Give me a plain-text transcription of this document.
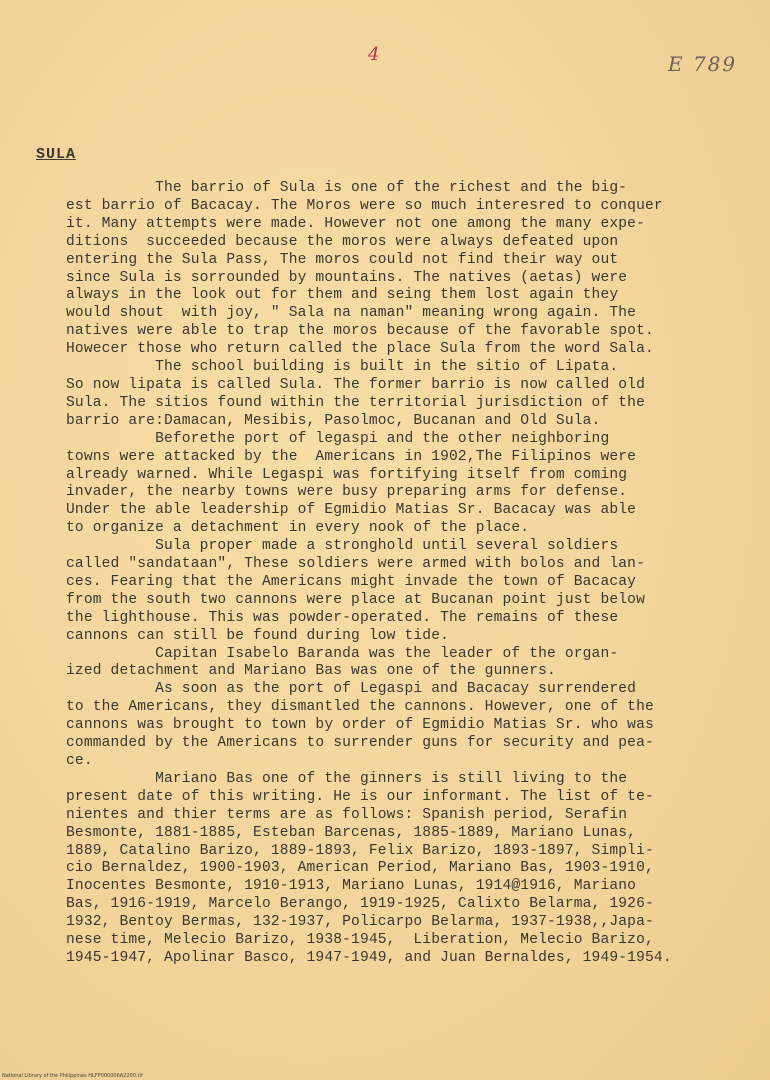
4	E 789
SULA
The barrio of Sula is one of the richest and the big-
est barrio of Bacacay. The Moros were so much interesred to conquer
it. Many attempts were made. However not one among the many expe-
ditions  succeeded because the moros were always defeated upon
entering the Sula Pass, The moros could not find their way out
since Sula is sorrounded by mountains. The natives (aetas) were
always in the look out for them and seing them lost again they
would shout  with joy, " Sala na naman" meaning wrong again. The
natives were able to trap the moros because of the favorable spot.
Howecer those who return called the place Sula from the word Sala.
The school building is built in the sitio of Lipata.
So now lipata is called Sula. The former barrio is now called old
Sula. The sitios found within the territorial jurisdiction of the
barrio are:Damacan, Mesibis, Pasolmoc, Bucanan and Old Sula.
Beforethe port of legaspi and the other neighboring
towns were attacked by the  Americans in 1902,The Filipinos were
already warned. While Legaspi was fortifying itself from coming
invader, the nearby towns were busy preparing arms for defense.
Under the able leadership of Egmidio Matias Sr. Bacacay was able
to organize a detachment in every nook of the place.
Sula proper made a stronghold until several soldiers
called "sandataan", These soldiers were armed with bolos and lan-
ces. Fearing that the Americans might invade the town of Bacacay
from the south two cannons were place at Bucanan point just below
the lighthouse. This was powder-operated. The remains of these
cannons can still be found during low tide.
Capitan Isabelo Baranda was the leader of the organ-
ized detachment and Mariano Bas was one of the gunners.
As soon as the port of Legaspi and Bacacay surrendered
to the Americans, they dismantled the cannons. However, one of the
cannons was brought to town by order of Egmidio Matias Sr. who was
commanded by the Americans to surrender guns for security and pea-
ce.
Mariano Bas one of the ginners is still living to the
present date of this writing. He is our informant. The list of te-
nientes and thier terms are as follows: Spanish period, Serafin
Besmonte, 1881-1885, Esteban Barcenas, 1885-1889, Mariano Lunas,
1889, Catalino Barizo, 1889-1893, Felix Barizo, 1893-1897, Simpli-
cio Bernaldez, 1900-1903, American Period, Mariano Bas, 1903-1910,
Inocentes Besmonte, 1910-1913, Mariano Lunas, 1914@1916, Mariano
Bas, 1916-1919, Marcelo Berango, 1919-1925, Calixto Belarma, 1926-
1932, Bentoy Bermas, 132-1937, Policarpo Belarma, 1937-1938,,Japa-
nese time, Melecio Barizo, 1938-1945,  Liberation, Melecio Barizo,
1945-1947, Apolinar Basco, 1947-1949, and Juan Bernaldes, 1949-1954.
National Library of the Philippines HLFP000006A2200.tif
